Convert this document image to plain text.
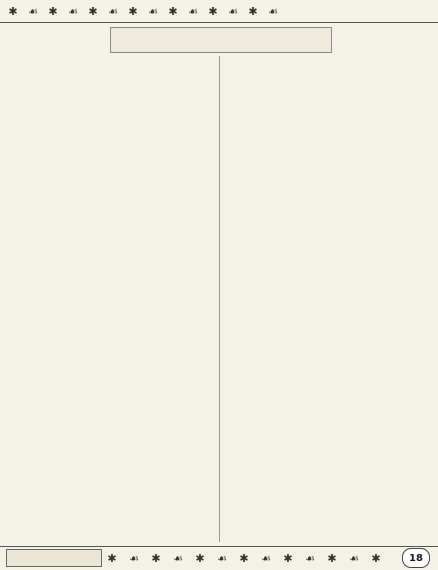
✱ ☙ ✱ ☙ ✱ ☙ ✱ ☙ ✱ ☙ ✱ ☙ ✱ ☙
✱	☙	✱	☙	✱	☙	✱	☙	✱	☙	✱	☙	✱	18
